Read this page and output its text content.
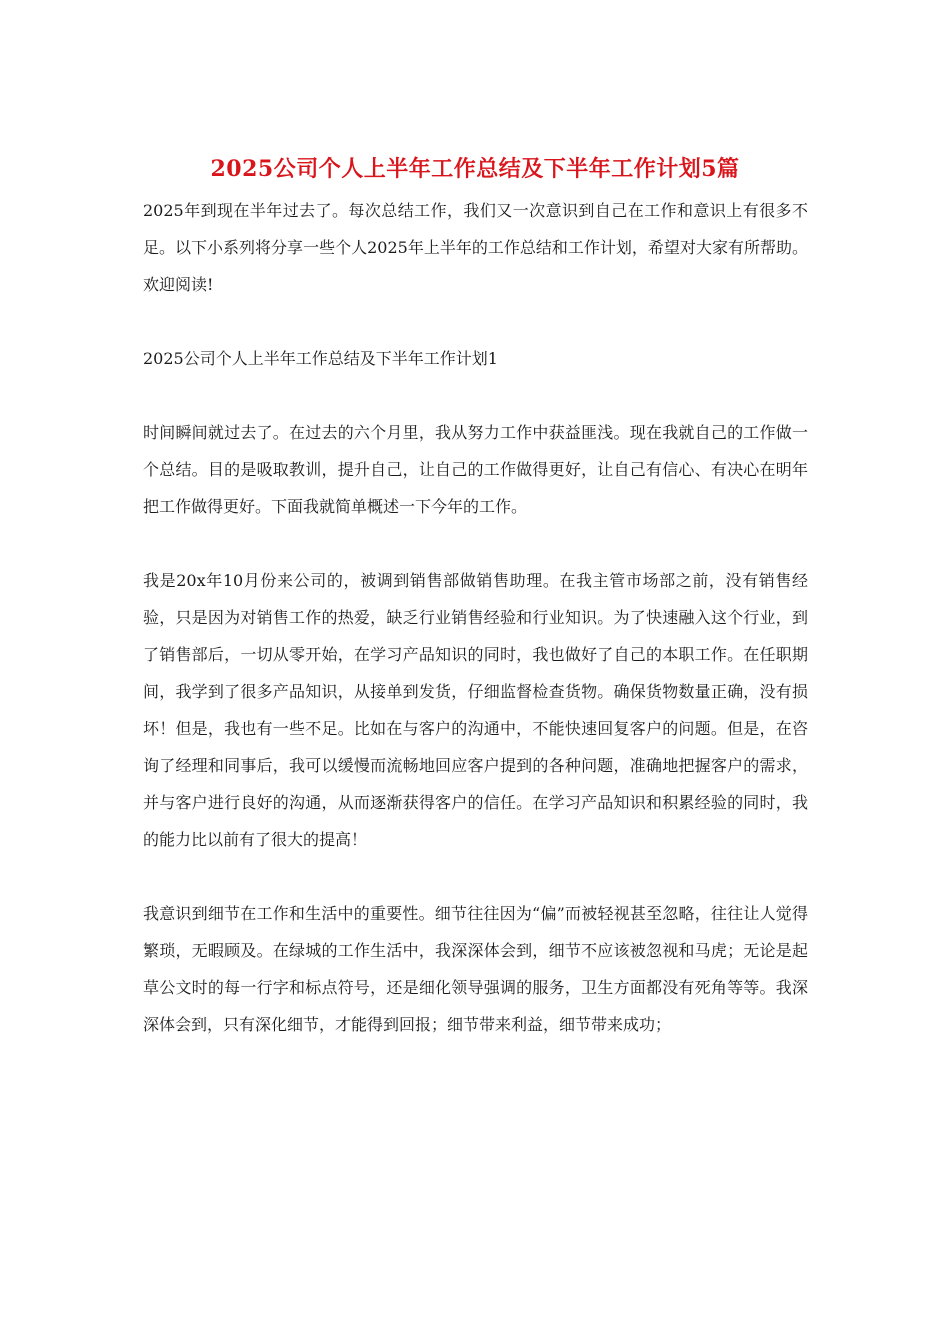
2025公司个人上半年工作总结及下半年工作计划5篇

2025年到现在半年过去了。每次总结工作，我们又一次意识到自己在工作和意识上有很多不足。以下小系列将分享一些个人2025年上半年的工作总结和工作计划，希望对大家有所帮助。欢迎阅读!

2025公司个人上半年工作总结及下半年工作计划1

时间瞬间就过去了。在过去的六个月里，我从努力工作中获益匪浅。现在我就自己的工作做一个总结。目的是吸取教训，提升自己，让自己的工作做得更好，让自己有信心、有决心在明年把工作做得更好。下面我就简单概述一下今年的工作。

我是20x年10月份来公司的，被调到销售部做销售助理。在我主管市场部之前，没有销售经验，只是因为对销售工作的热爱，缺乏行业销售经验和行业知识。为了快速融入这个行业，到了销售部后，一切从零开始，在学习产品知识的同时，我也做好了自己的本职工作。在任职期间，我学到了很多产品知识，从接单到发货，仔细监督检查货物。确保货物数量正确，没有损坏！但是，我也有一些不足。比如在与客户的沟通中，不能快速回复客户的问题。但是，在咨询了经理和同事后，我可以缓慢而流畅地回应客户提到的各种问题，准确地把握客户的需求，并与客户进行良好的沟通，从而逐渐获得客户的信任。在学习产品知识和积累经验的同时，我的能力比以前有了很大的提高！

我意识到细节在工作和生活中的重要性。细节往往因为“偏”而被轻视甚至忽略，往往让人觉得繁琐，无暇顾及。在绿城的工作生活中，我深深体会到，细节不应该被忽视和马虎；无论是起草公文时的每一行字和标点符号，还是细化领导强调的服务，卫生方面都没有死角等等。我深深体会到，只有深化细节，才能得到回报；细节带来利益，细节带来成功；
